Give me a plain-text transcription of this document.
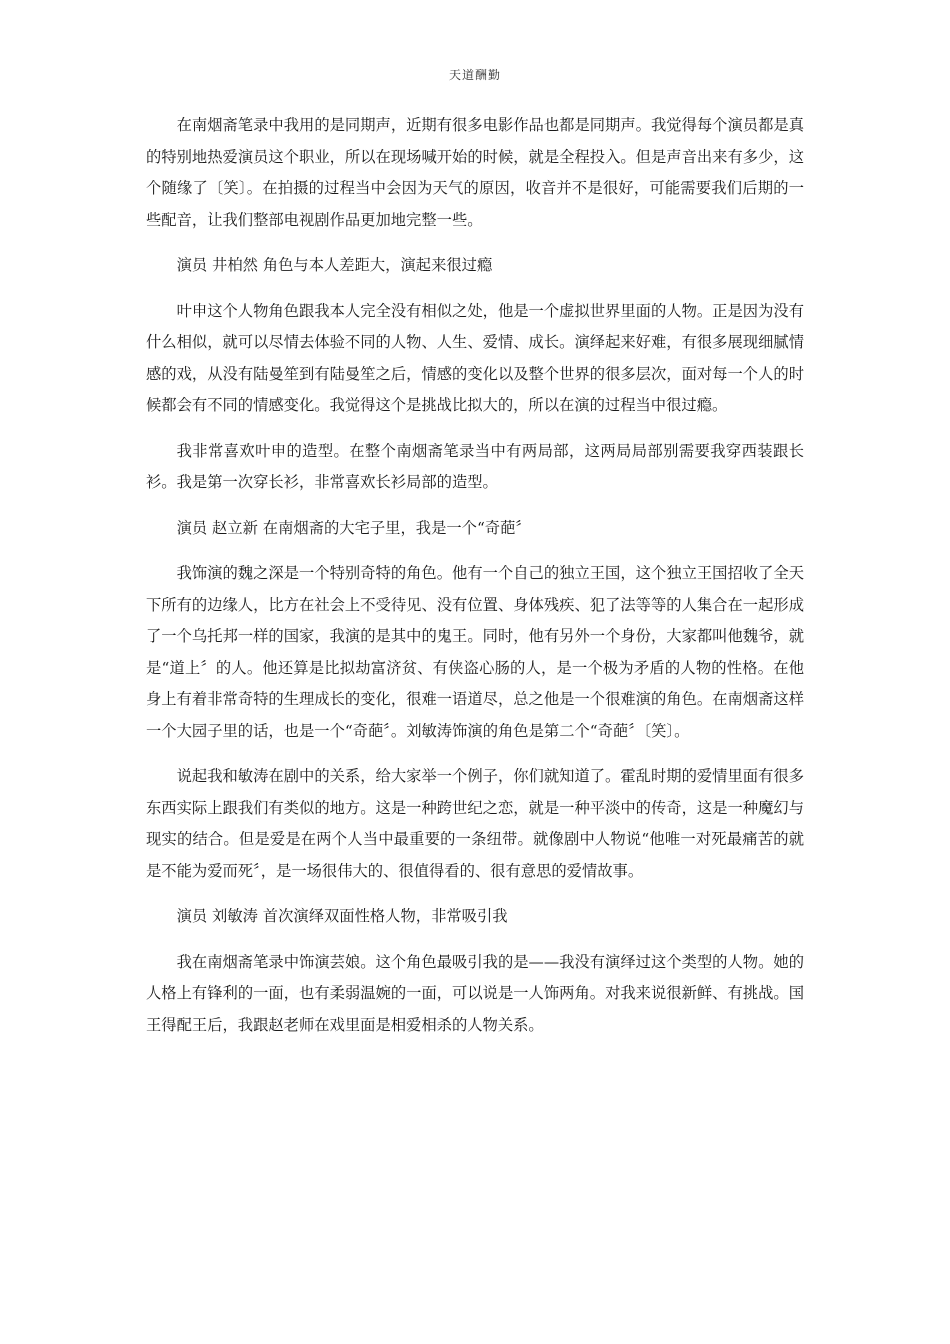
天道酬勤

在南烟斋笔录中我用的是同期声，近期有很多电影作品也都是同期声。我觉得每个演员都是真的特别地热爱演员这个职业，所以在现场喊开始的时候，就是全程投入。但是声音出来有多少，这个随缘了〔笑〕。在拍摄的过程当中会因为天气的原因，收音并不是很好，可能需要我们后期的一些配音，让我们整部电视剧作品更加地完整一些。

演员 井柏然 角色与本人差距大，演起来很过瘾

叶申这个人物角色跟我本人完全没有相似之处，他是一个虚拟世界里面的人物。正是因为没有什么相似，就可以尽情去体验不同的人物、人生、爱情、成长。演绎起来好难，有很多展现细腻情感的戏，从没有陆曼笙到有陆曼笙之后，情感的变化以及整个世界的很多层次，面对每一个人的时候都会有不同的情感变化。我觉得这个是挑战比拟大的，所以在演的过程当中很过瘾。

我非常喜欢叶申的造型。在整个南烟斋笔录当中有两局部，这两局局部别需要我穿西装跟长衫。我是第一次穿长衫，非常喜欢长衫局部的造型。

演员 赵立新 在南烟斋的大宅子里，我是一个“奇葩〞

我饰演的魏之深是一个特别奇特的角色。他有一个自己的独立王国，这个独立王国招收了全天下所有的边缘人，比方在社会上不受待见、没有位置、身体残疾、犯了法等等的人集合在一起形成了一个乌托邦一样的国家，我演的是其中的鬼王。同时，他有另外一个身份，大家都叫他魏爷，就是“道上〞的人。他还算是比拟劫富济贫、有侠盗心肠的人，是一个极为矛盾的人物的性格。在他身上有着非常奇特的生理成长的变化，很难一语道尽，总之他是一个很难演的角色。在南烟斋这样一个大园子里的话，也是一个“奇葩〞。刘敏涛饰演的角色是第二个“奇葩〞〔笑〕。

说起我和敏涛在剧中的关系，给大家举一个例子，你们就知道了。霍乱时期的爱情里面有很多东西实际上跟我们有类似的地方。这是一种跨世纪之恋，就是一种平淡中的传奇，这是一种魔幻与现实的结合。但是爱是在两个人当中最重要的一条纽带。就像剧中人物说“他唯一对死最痛苦的就是不能为爱而死〞，是一场很伟大的、很值得看的、很有意思的爱情故事。

演员 刘敏涛 首次演绎双面性格人物，非常吸引我

我在南烟斋笔录中饰演芸娘。这个角色最吸引我的是——我没有演绎过这个类型的人物。她的人格上有锋利的一面，也有柔弱温婉的一面，可以说是一人饰两角。对我来说很新鲜、有挑战。国王得配王后，我跟赵老师在戏里面是相爱相杀的人物关系。
